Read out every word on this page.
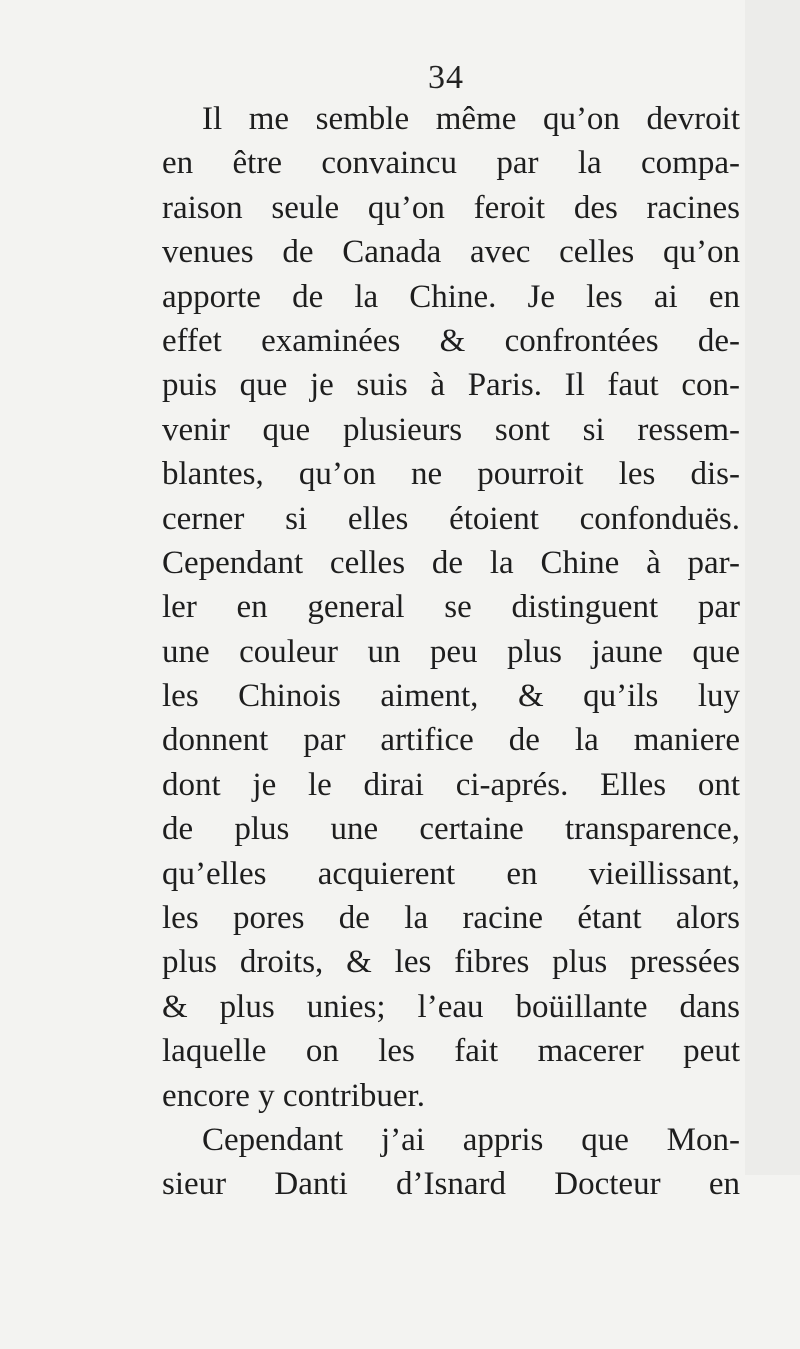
34
Il me semble même qu’on devroit
en être convaincu par la compa-
raison seule qu’on feroit des racines
venues de Canada avec celles qu’on
apporte de la Chine. Je les ai en
effet examinées & confrontées de-
puis que je suis à Paris. Il faut con-
venir que plusieurs sont si ressem-
blantes, qu’on ne pourroit les dis-
cerner si elles étoient confonduës.
Cependant celles de la Chine à par-
ler en general se distinguent par
une couleur un peu plus jaune que
les Chinois aiment, & qu’ils luy
donnent par artifice de la maniere
dont je le dirai ci-aprés. Elles ont
de plus une certaine transparence,
qu’elles acquierent en vieillissant,
les pores de la racine étant alors
plus droits, & les fibres plus pressées
& plus unies; l’eau boüillante dans
laquelle on les fait macerer peut
encore y contribuer.
Cependant j’ai appris que Mon-
sieur Danti d’Isnard Docteur en
